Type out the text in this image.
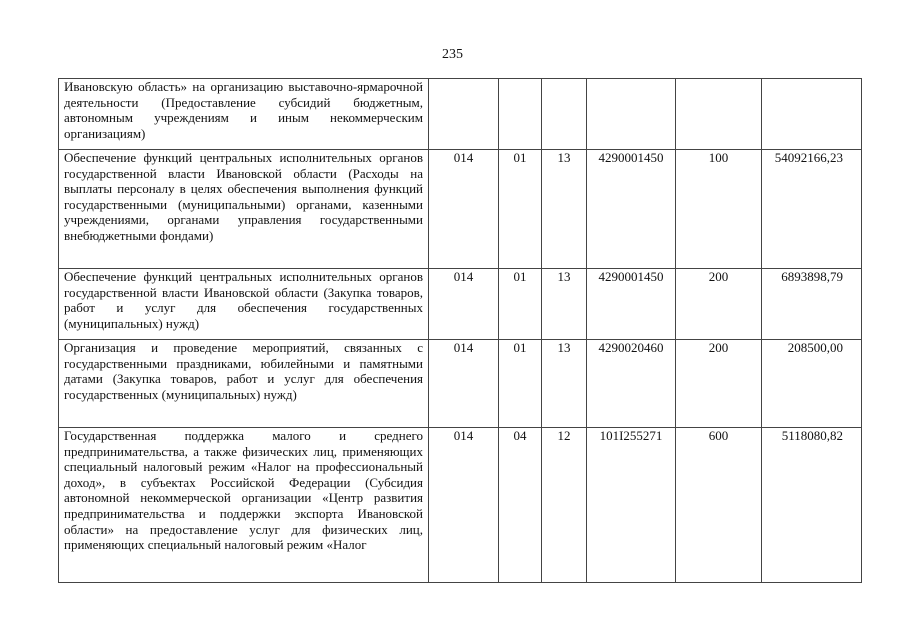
235
Ивановскую область» на организацию выставочно-ярмарочной деятельности (Предоставление субсидий бюджетным, автономным учреждениям и иным некоммерческим организациям)						
Обеспечение функций центральных исполнительных органов государственной власти Ивановской области (Расходы на выплаты персоналу в целях обеспечения выполнения функций государственными (муниципальными) органами, казенными учреждениями, органами управления государственными внебюджетными фондами)	014	01	13	4290001450	100	54092166,23
Обеспечение функций центральных исполнительных органов государственной власти Ивановской области (Закупка товаров, работ и услуг для обеспечения государственных (муниципальных) нужд)	014	01	13	4290001450	200	6893898,79
Организация и проведение мероприятий, связанных с государственными праздниками, юбилейными и памятными датами (Закупка товаров, работ и услуг для обеспечения государственных (муниципальных) нужд)	014	01	13	4290020460	200	208500,00
Государственная поддержка малого и среднего предпринимательства, а также физических лиц, применяющих специальный налоговый режим «Налог на профессиональный доход», в субъектах Российской Федерации (Субсидия автономной некоммерческой организации «Центр развития предпринимательства и поддержки экспорта Ивановской области» на предоставление услуг для физических лиц, применяющих специальный налоговый режим «Налог	014	04	12	101I255271	600	5118080,82
